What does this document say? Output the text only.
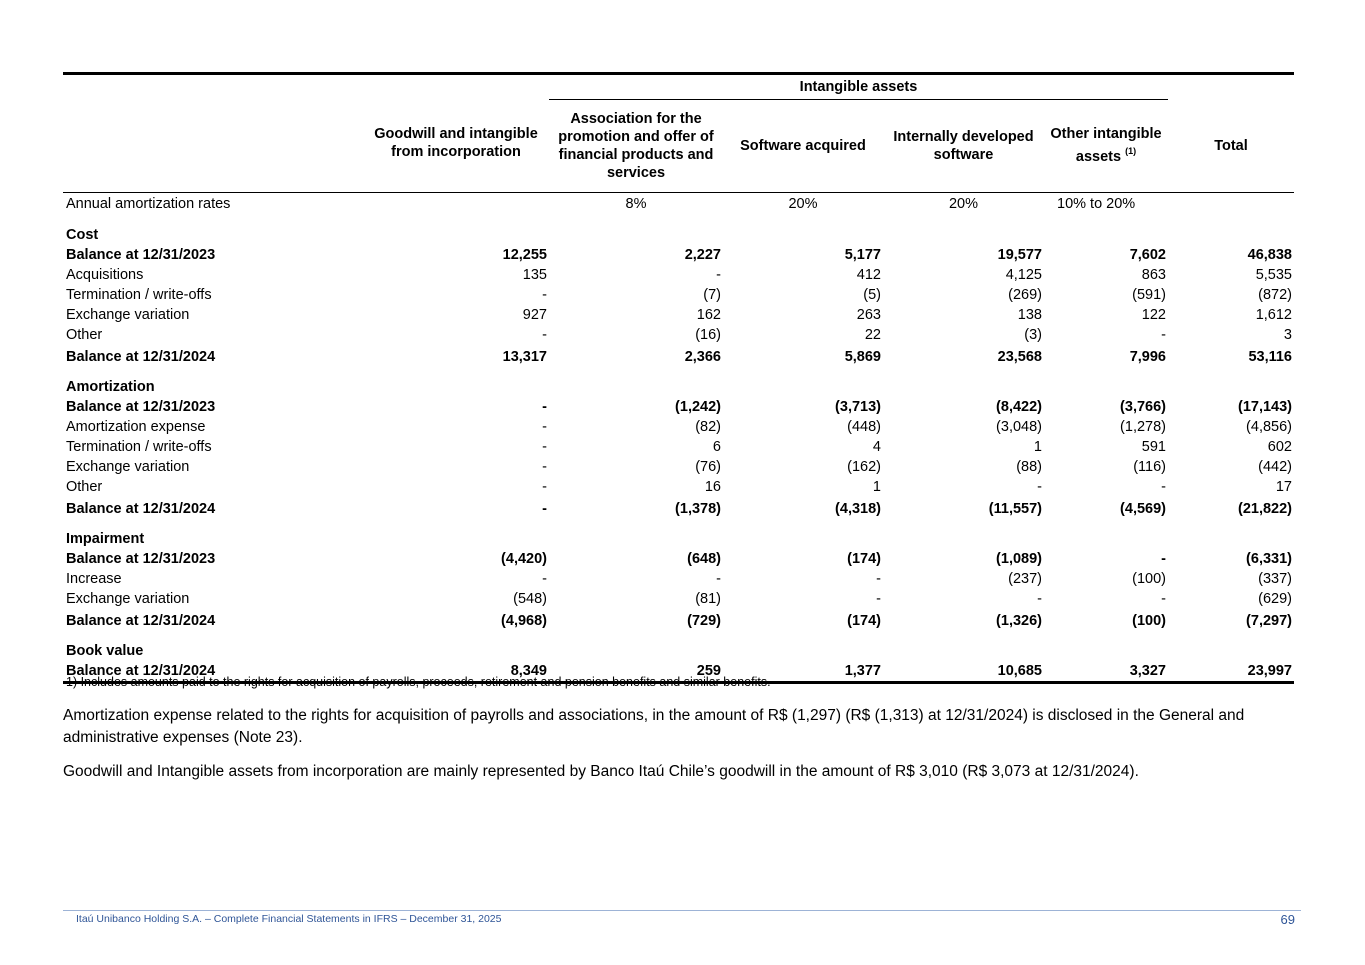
		Intangible assets				
	Goodwill and intangible from incorporation	Association for the promotion and offer of financial products and services	Software acquired	Internally developed software	Other intangible assets $^{(1)}$	Total

Annual amortization rates		8%	20%	20%	10% to 20%	
Cost						
Balance at 12/31/2023	12,255	2,227	5,177	19,577	7,602	46,838
Acquisitions	135	-	412	4,125	863	5,535
Termination / write-offs	-	(7)	(5)	(269)	(591)	(872)
Exchange variation	927	162	263	138	122	1,612
Other	-	(16)	22	(3)	-	3
Balance at 12/31/2024	13,317	2,366	5,869	23,568	7,996	53,116
Amortization						
Balance at 12/31/2023	-	(1,242)	(3,713)	(8,422)	(3,766)	(17,143)
Amortization expense	-	(82)	(448)	(3,048)	(1,278)	(4,856)
Termination / write-offs	-	6	4	1	591	602
Exchange variation	-	(76)	(162)	(88)	(116)	(442)
Other	-	16	1	-	-	17
Balance at 12/31/2024	-	(1,378)	(4,318)	(11,557)	(4,569)	(21,822)
Impairment						
Balance at 12/31/2023	(4,420)	(648)	(174)	(1,089)	-	(6,331)
Increase	-	-	-	(237)	(100)	(337)
Exchange variation	(548)	(81)	-	-	-	(629)
Balance at 12/31/2024	(4,968)	(729)	(174)	(1,326)	(100)	(7,297)
Book value						
Balance at 12/31/2024	8,349	259	1,377	10,685	3,327	23,997
1) Includes amounts paid to the rights for acquisition of payrolls, proceeds, retirement and pension benefits and similar benefits.
Amortization expense related to the rights for acquisition of payrolls and associations, in the amount of R$ (1,297) (R$ (1,313) at 12/31/2024) is disclosed in the General and administrative expenses (Note 23).
Goodwill and Intangible assets from incorporation are mainly represented by Banco Itaú Chile’s goodwill in the amount of R$ 3,010 (R$ 3,073 at 12/31/2024).
Itaú Unibanco Holding S.A. – Complete Financial Statements in IFRS – December 31, 2025	69
